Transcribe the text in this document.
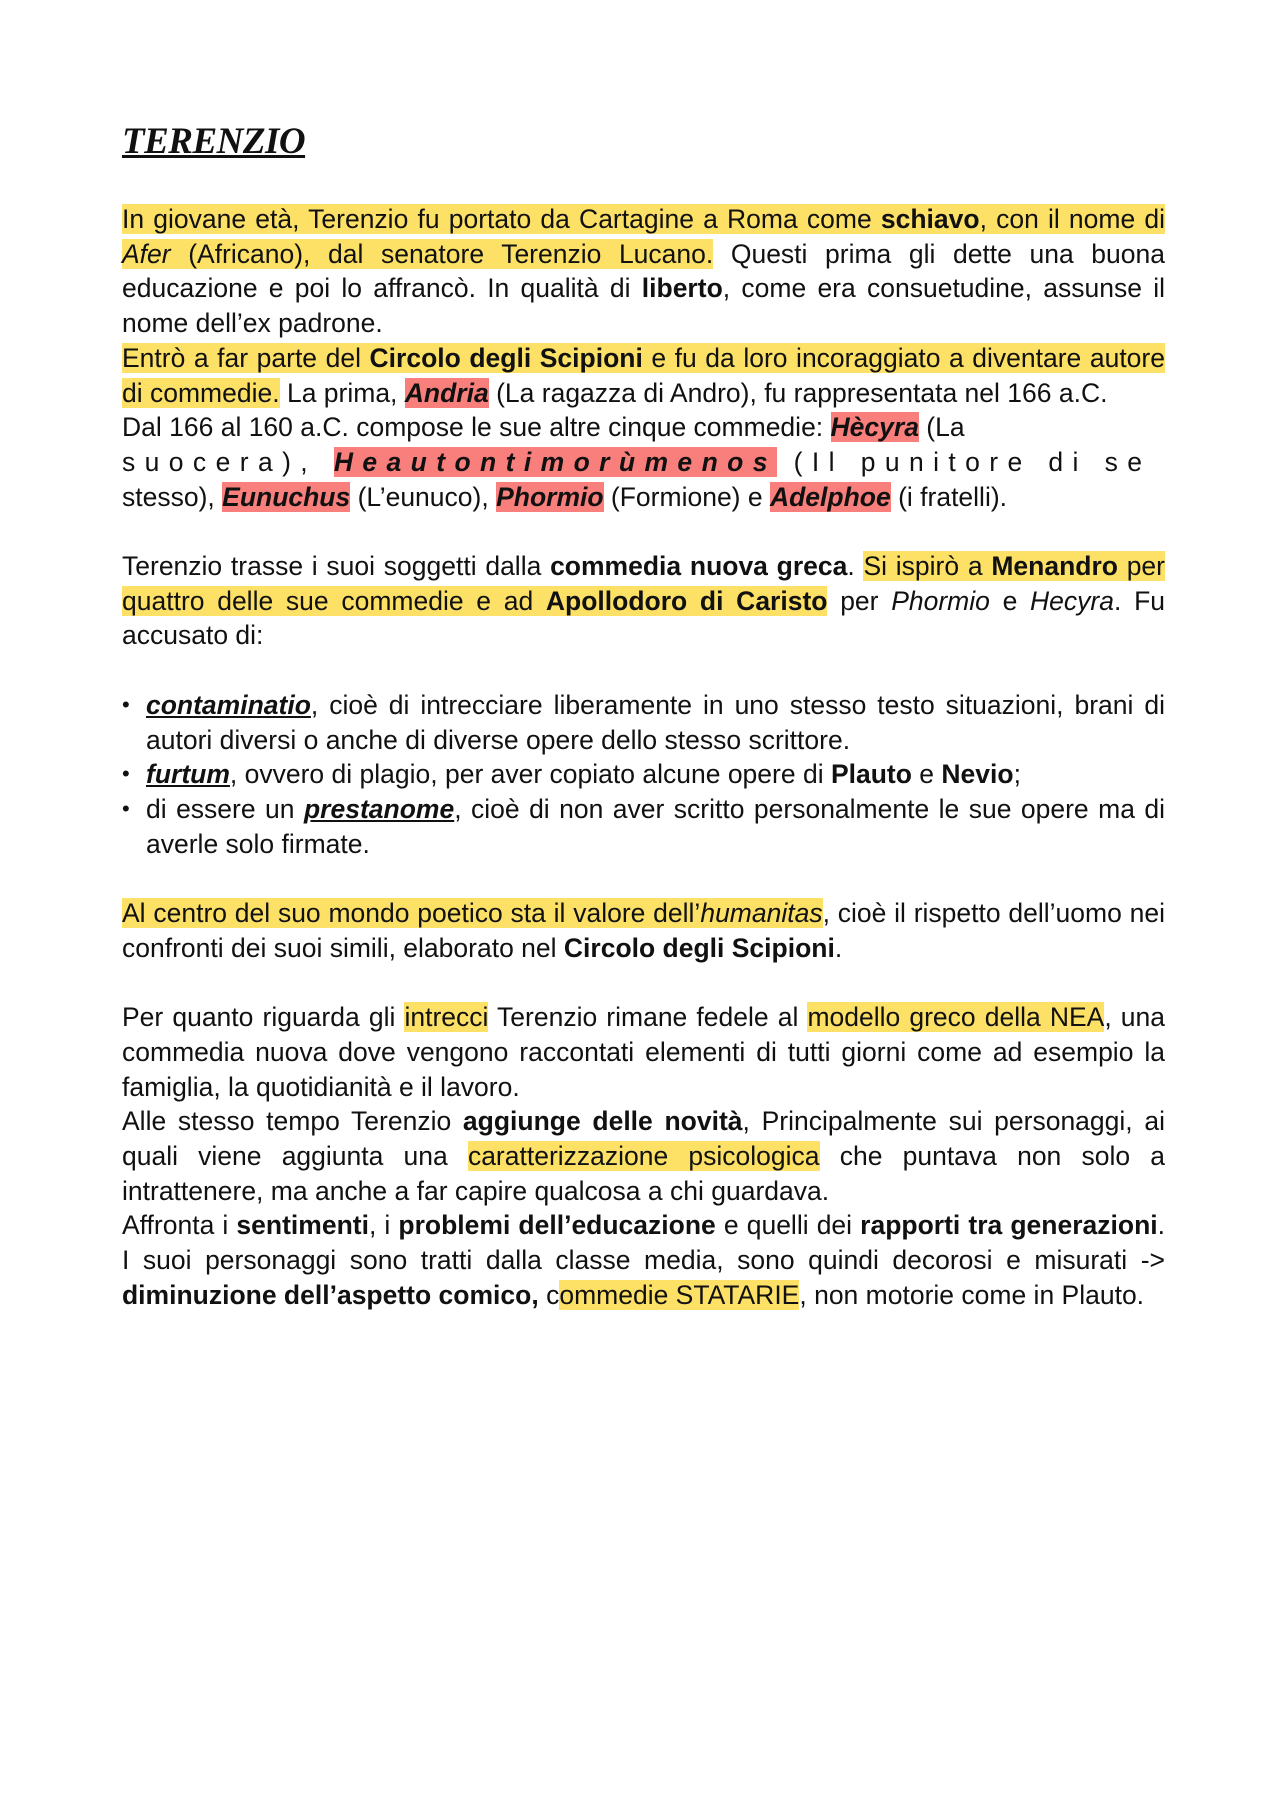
TERENZIO

In giovane età, Terenzio fu portato da Cartagine a Roma come schiavo, con il nome di Afer (Africano), dal senatore Terenzio Lucano. Questi prima gli dette una buona educazione e poi lo affrancò. In qualità di liberto, come era consuetudine, assunse il nome dell’ex padrone.

Entrò a far parte del Circolo degli Scipioni e fu da loro incoraggiato a diventare autore di commedie. La prima, Andria (La ragazza di Andro), fu rappresentata nel 166 a.C.

Dal 166 al 160 a.C. compose le sue altre cinque commedie: Hècyra (La
suocera), Heautontimorùmenos (Il punitore di se
stesso), Eunuchus (L’eunuco), Phormio (Formione) e Adelphoe (i fratelli).

Terenzio trasse i suoi soggetti dalla commedia nuova greca. Si ispirò a Menandro per quattro delle sue commedie e ad Apollodoro di Caristo per Phormio e Hecyra. Fu accusato di:

• contaminatio, cioè di intrecciare liberamente in uno stesso testo situazioni, brani di autori diversi o anche di diverse opere dello stesso scrittore.
• furtum, ovvero di plagio, per aver copiato alcune opere di Plauto e Nevio;
• di essere un prestanome, cioè di non aver scritto personalmente le sue opere ma di averle solo firmate.

Al centro del suo mondo poetico sta il valore dell’humanitas, cioè il rispetto dell’uomo nei confronti dei suoi simili, elaborato nel Circolo degli Scipioni.

Per quanto riguarda gli intrecci Terenzio rimane fedele al modello greco della NEA, una commedia nuova dove vengono raccontati elementi di tutti giorni come ad esempio la famiglia, la quotidianità e il lavoro.

Alle stesso tempo Terenzio aggiunge delle novità, Principalmente sui personaggi, ai quali viene aggiunta una caratterizzazione psicologica che puntava non solo a intrattenere, ma anche a far capire qualcosa a chi guardava.

Affronta i sentimenti, i problemi dell’educazione e quelli dei rapporti tra generazioni. I suoi personaggi sono tratti dalla classe media, sono quindi decorosi e misurati -> diminuzione dell’aspetto comico, commedie STATARIE, non motorie come in Plauto.
